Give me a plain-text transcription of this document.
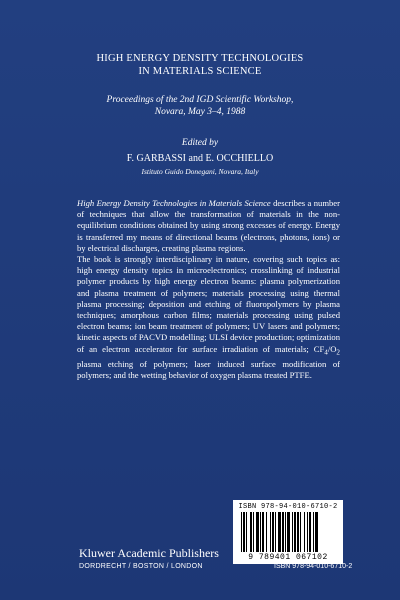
HIGH ENERGY DENSITY TECHNOLOGIES
IN MATERIALS SCIENCE
Proceedings of the 2nd IGD Scientific Workshop,
Novara, May 3–4, 1988
Edited by
F. GARBASSI and E. OCCHIELLO
Istituto Guido Donegani, Novara, Italy

High Energy Density Technologies in Materials Science describes a number of techniques that allow the transformation of materials in the non-equilibrium conditions obtained by using strong excesses of energy. Energy is transferred my means of directional beams (electrons, photons, ions) or by electrical discharges, creating plasma regions.

The book is strongly interdisciplinary in nature, covering such topics as: high energy density topics in microelectronics; crosslinking of industrial polymer products by high energy electron beams: plasma polymerization and plasma treatment of polymers; materials processing using thermal plasma processing; deposition and etching of fluoropolymers by plasma techniques; amorphous carbon films; materials processing using pulsed electron beams; ion beam treatment of polymers; UV lasers and polymers; kinetic aspects of PACVD modelling; ULSI device production; optimization of an electron accelerator for surface irradiation of materials; $CF_4/O_2$ plasma etching of polymers; laser induced surface modification of polymers; and the wetting behavior of oxygen plasma treated PTFE.

ISBN 978-94-010-6710-2
9 789401 067102
Kluwer Academic Publishers
DORDRECHT / BOSTON / LONDON	ISBN 978-94-010-6710-2
